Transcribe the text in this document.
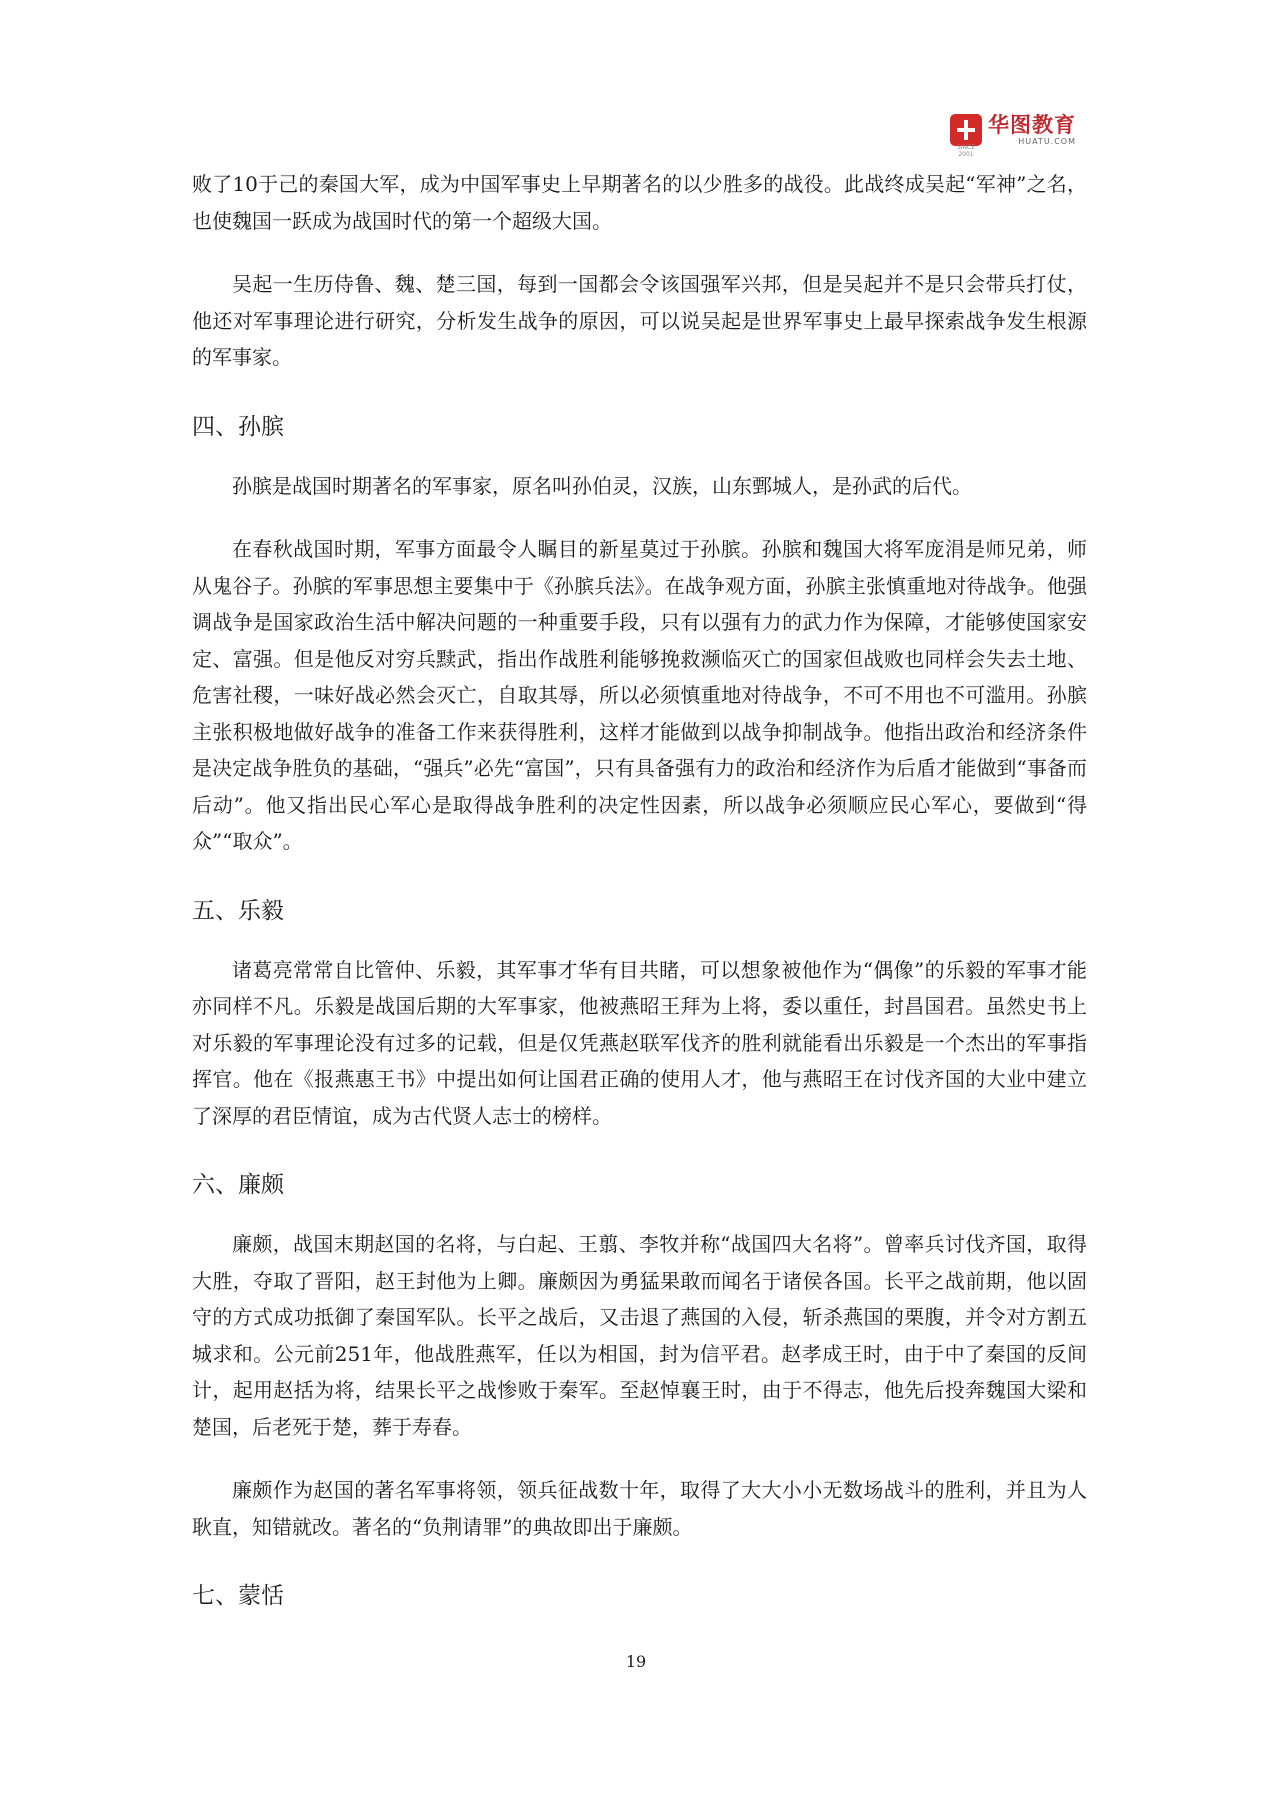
SINCE 2001
华图教育
HUATU.COM

败了10于己的秦国大军，成为中国军事史上早期著名的以少胜多的战役。此战终成吴起“军神”之名，也使魏国一跃成为战国时代的第一个超级大国。

吴起一生历侍鲁、魏、楚三国，每到一国都会令该国强军兴邦，但是吴起并不是只会带兵打仗，他还对军事理论进行研究，分析发生战争的原因，可以说吴起是世界军事史上最早探索战争发生根源的军事家。

四、孙膑

孙膑是战国时期著名的军事家，原名叫孙伯灵，汉族，山东鄄城人，是孙武的后代。

在春秋战国时期，军事方面最令人瞩目的新星莫过于孙膑。孙膑和魏国大将军庞涓是师兄弟，师从鬼谷子。孙膑的军事思想主要集中于《孙膑兵法》。在战争观方面，孙膑主张慎重地对待战争。他强调战争是国家政治生活中解决问题的一种重要手段，只有以强有力的武力作为保障，才能够使国家安定、富强。但是他反对穷兵黩武，指出作战胜利能够挽救濒临灭亡的国家但战败也同样会失去土地、危害社稷，一味好战必然会灭亡，自取其辱，所以必须慎重地对待战争，不可不用也不可滥用。孙膑主张积极地做好战争的准备工作来获得胜利，这样才能做到以战争抑制战争。他指出政治和经济条件是决定战争胜负的基础，“强兵”必先“富国”，只有具备强有力的政治和经济作为后盾才能做到“事备而后动”。他又指出民心军心是取得战争胜利的决定性因素，所以战争必须顺应民心军心，要做到“得众”“取众”。

五、乐毅

诸葛亮常常自比管仲、乐毅，其军事才华有目共睹，可以想象被他作为“偶像”的乐毅的军事才能亦同样不凡。乐毅是战国后期的大军事家，他被燕昭王拜为上将，委以重任，封昌国君。虽然史书上对乐毅的军事理论没有过多的记载，但是仅凭燕赵联军伐齐的胜利就能看出乐毅是一个杰出的军事指挥官。他在《报燕惠王书》中提出如何让国君正确的使用人才，他与燕昭王在讨伐齐国的大业中建立了深厚的君臣情谊，成为古代贤人志士的榜样。

六、廉颇

廉颇，战国末期赵国的名将，与白起、王翦、李牧并称“战国四大名将”。曾率兵讨伐齐国，取得大胜，夺取了晋阳，赵王封他为上卿。廉颇因为勇猛果敢而闻名于诸侯各国。长平之战前期，他以固守的方式成功抵御了秦国军队。长平之战后，又击退了燕国的入侵，斩杀燕国的栗腹，并令对方割五城求和。公元前251年，他战胜燕军，任以为相国，封为信平君。赵孝成王时，由于中了秦国的反间计，起用赵括为将，结果长平之战惨败于秦军。至赵悼襄王时，由于不得志，他先后投奔魏国大梁和楚国，后老死于楚，葬于寿春。

廉颇作为赵国的著名军事将领，领兵征战数十年，取得了大大小小无数场战斗的胜利，并且为人耿直，知错就改。著名的“负荆请罪”的典故即出于廉颇。

七、蒙恬
19
